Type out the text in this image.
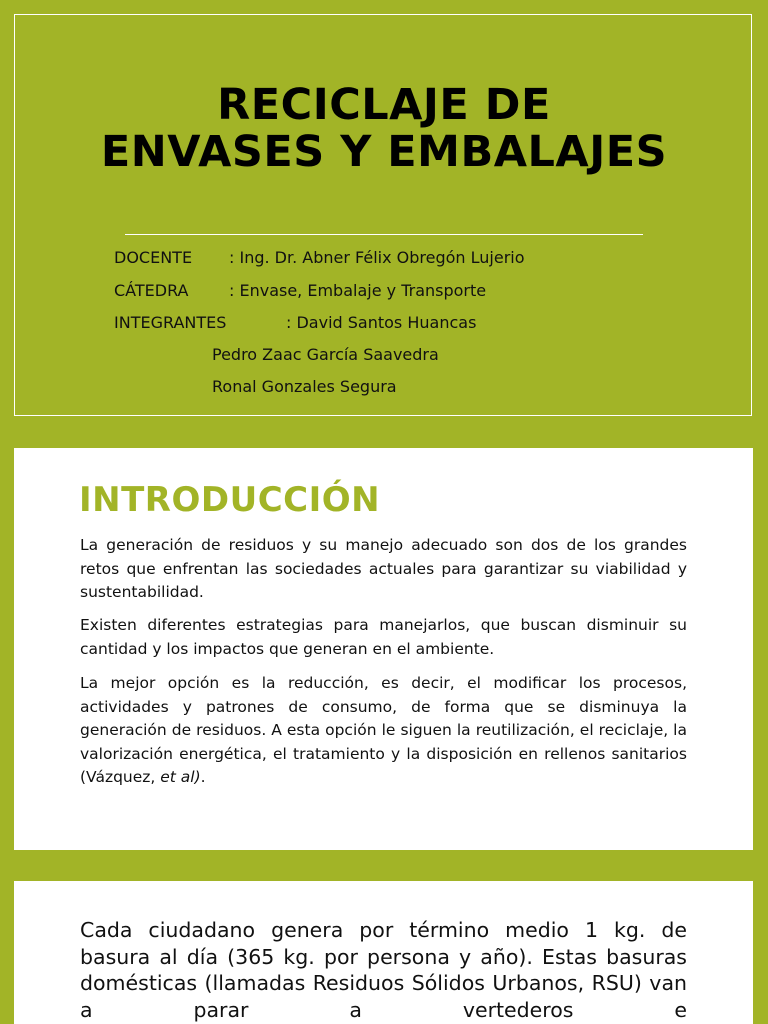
RECICLAJE DE
ENVASES Y EMBALAJES
DOCENTE : Ing. Dr. Abner Félix Obregón Lujerio
CÁTEDRA	: Envase, Embalaje y Transporte
INTEGRANTES	: David Santos Huancas
Pedro Zaac García Saavedra
Ronal Gonzales Segura
INTRODUCCIÓN

La generación de residuos y su manejo adecuado son dos de los grandes retos que enfrentan las sociedades actuales para garantizar su viabilidad y sustentabilidad.

Existen diferentes estrategias para manejarlos, que buscan disminuir su cantidad y los impactos que generan en el ambiente.

La mejor opción es la reducción, es decir, el modificar los procesos, actividades y patrones de consumo, de forma que se disminuya la generación de residuos. A esta opción le siguen la reutilización, el reciclaje, la valorización energética, el tratamiento y la disposición en rellenos sanitarios (Vázquez, et al).

Cada ciudadano genera por término medio 1 kg. de basura al día (365 kg. por persona y año). Estas basuras domésticas (llamadas Residuos Sólidos Urbanos, RSU) van a parar a vertederos e
